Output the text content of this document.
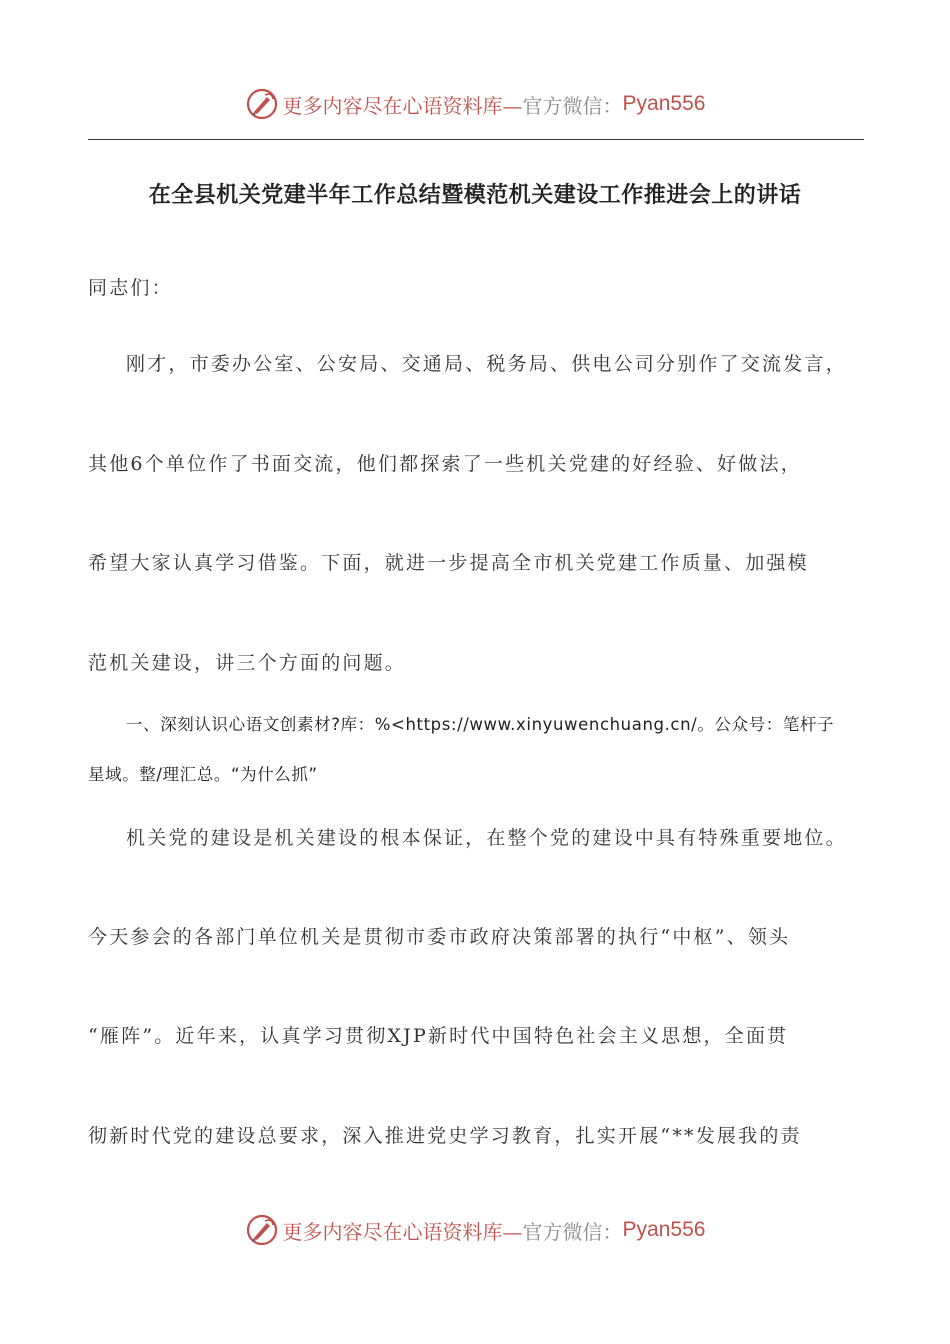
更多内容尽在心语资料库— 官方微信： Pyan556
在全县机关党建半年工作总结暨模范机关建设工作推进会上的讲话
同志们：
刚才，市委办公室、公安局、交通局、税务局、供电公司分别作了交流发言，
其他6个单位作了书面交流，他们都探索了一些机关党建的好经验、好做法，
希望大家认真学习借鉴。下面，就进一步提高全市机关党建工作质量、加强模
范机关建设，讲三个方面的问题。
一、深刻认识心语文创素材?库：%<https://www.xinyuwenchuang.cn/。公众号：笔杆子
星域。整/理汇总。“为什么抓”
机关党的建设是机关建设的根本保证，在整个党的建设中具有特殊重要地位。
今天参会的各部门单位机关是贯彻市委市政府决策部署的执行“中枢”、领头
“雁阵”。近年来，认真学习贯彻XJP新时代中国特色社会主义思想，全面贯
彻新时代党的建设总要求，深入推进党史学习教育，扎实开展“**发展我的责
更多内容尽在心语资料库— 官方微信： Pyan556
